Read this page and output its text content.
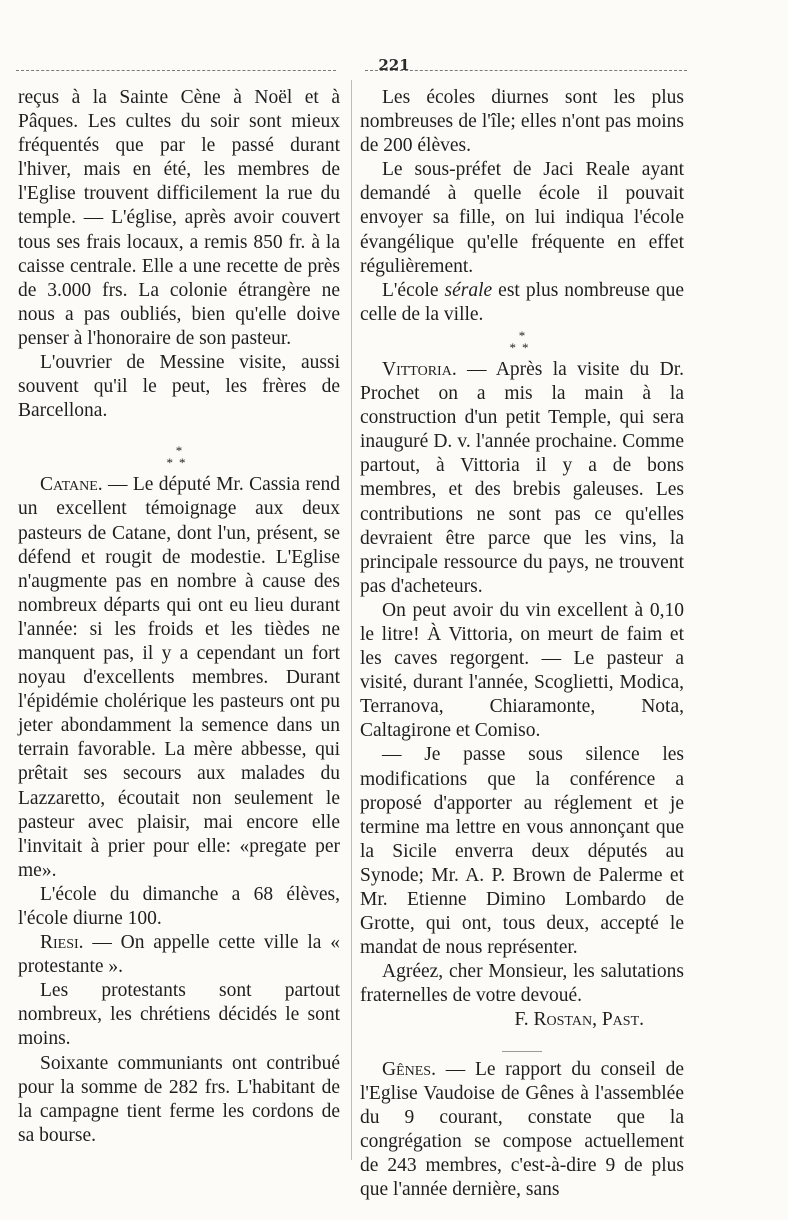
221

reçus à la Sainte Cène à Noël et à Pâques. Les cultes du soir sont mieux fréquentés que par le passé durant l'hiver, mais en été, les membres de l'Eglise trouvent difficilement la rue du temple. — L'église, après avoir couvert tous ses frais locaux, a remis 850 fr. à la caisse centrale. Elle a une recette de près de 3.000 frs. La colonie étrangère ne nous a pas oubliés, bien qu'elle doive penser à l'honoraire de son pasteur.

L'ouvrier de Messine visite, aussi souvent qu'il le peut, les frères de Barcellona.

*
**

Catane. — Le député Mr. Cassia rend un excellent témoignage aux deux pasteurs de Catane, dont l'un, présent, se défend et rougit de modestie. L'Eglise n'augmente pas en nombre à cause des nombreux départs qui ont eu lieu durant l'année: si les froids et les tièdes ne manquent pas, il y a cependant un fort noyau d'excellents membres. Durant l'épidémie cholérique les pasteurs ont pu jeter abondamment la semence dans un terrain favorable. La mère abbesse, qui prêtait ses secours aux malades du Lazzaretto, écoutait non seulement le pasteur avec plaisir, mai encore elle l'invitait à prier pour elle: «pregate per me».

L'école du dimanche a 68 élèves, l'école diurne 100.

Riesi. — On appelle cette ville la « protestante ».

Les protestants sont partout nombreux, les chrétiens décidés le sont moins.

Soixante communiants ont contribué pour la somme de 282 frs. L'habitant de la campagne tient ferme les cordons de sa bourse.

Les écoles diurnes sont les plus nombreuses de l'île; elles n'ont pas moins de 200 élèves.

Le sous-préfet de Jaci Reale ayant demandé à quelle école il pouvait envoyer sa fille, on lui indiqua l'école évangélique qu'elle fréquente en effet régulièrement.

L'école sérale est plus nombreuse que celle de la ville.

*
**

Vittoria. — Après la visite du Dr. Prochet on a mis la main à la construction d'un petit Temple, qui sera inauguré D. v. l'année prochaine. Comme partout, à Vittoria il y a de bons membres, et des brebis galeuses. Les contributions ne sont pas ce qu'elles devraient être parce que les vins, la principale ressource du pays, ne trouvent pas d'acheteurs.

On peut avoir du vin excellent à 0,10 le litre! À Vittoria, on meurt de faim et les caves regorgent. — Le pasteur a visité, durant l'année, Scoglietti, Modica, Terranova, Chiaramonte, Nota, Caltagirone et Comiso.

— Je passe sous silence les modifications que la conférence a proposé d'apporter au réglement et je termine ma lettre en vous annonçant que la Sicile enverra deux députés au Synode; Mr. A. P. Brown de Palerme et Mr. Etienne Dimino Lombardo de Grotte, qui ont, tous deux, accepté le mandat de nous représenter.

Agréez, cher Monsieur, les salutations fraternelles de votre devoué.

F. Rostan, Past.

Gênes. — Le rapport du conseil de l'Eglise Vaudoise de Gênes à l'assemblée du 9 courant, constate que la congrégation se compose actuellement de 243 membres, c'est-à-dire 9 de plus que l'année dernière, sans
